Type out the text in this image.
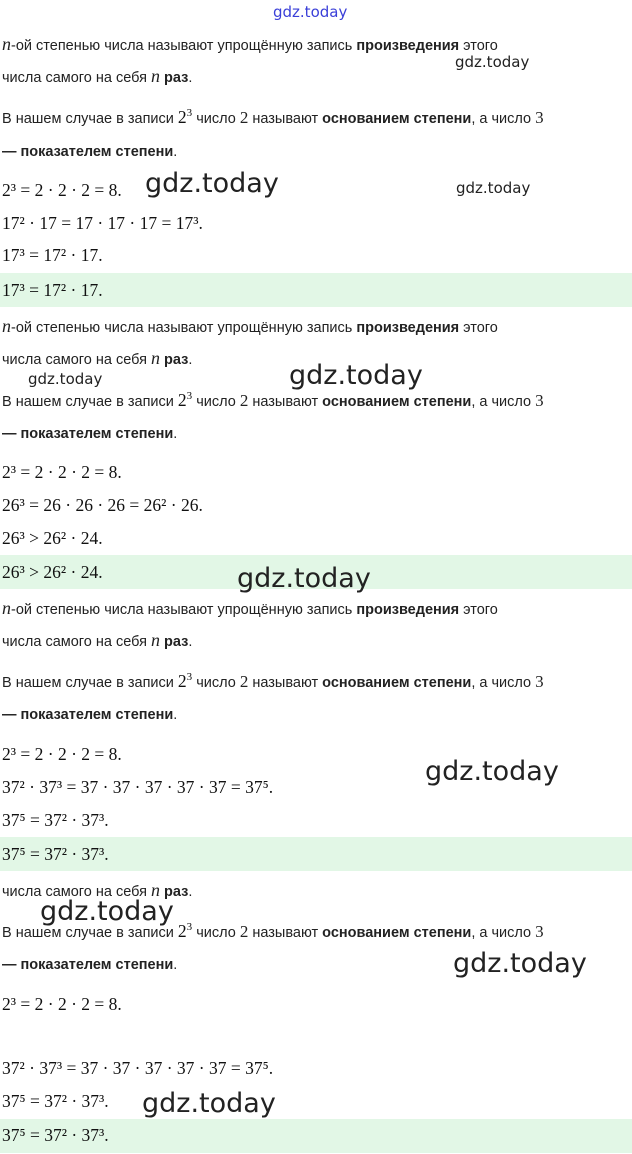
gdz.today
n-ой степенью числа называют упрощённую запись произведения этого
числа самого на себя n раз.
gdz.today
В нашем случае в записи $2^3$ число 2 называют основанием степени, а число 3
— показателем степени.
2³ = 2 · 2 · 2 = 8. gdz.today	gdz.today
17² · 17 = 17 · 17 · 17 = 17³.
17³ = 17² · 17.
17³ = 17² · 17.
n-ой степенью числа называют упрощённую запись произведения этого
числа самого на себя n раз.
gdz.today	gdz.today
В нашем случае в записи $2^3$ число 2 называют основанием степени, а число 3
— показателем степени.
2³ = 2 · 2 · 2 = 8.
26³ = 26 · 26 · 26 = 26² · 26.
26³ > 26² · 24.
26³ > 26² · 24.	gdz.today
n-ой степенью числа называют упрощённую запись произведения этого
числа самого на себя n раз.
В нашем случае в записи $2^3$ число 2 называют основанием степени, а число 3
— показателем степени.
2³ = 2 · 2 · 2 = 8.
37² · 37³ = 37 · 37 · 37 · 37 · 37 = 37⁵.	gdz.today
37⁵ = 37² · 37³.
37⁵ = 37² · 37³.
числа самого на себя n раз.
gdz.today
В нашем случае в записи $2^3$ число 2 называют основанием степени, а число 3
— показателем степени.	gdz.today
2³ = 2 · 2 · 2 = 8.
37² · 37³ = 37 · 37 · 37 · 37 · 37 = 37⁵.
37⁵ = 37² · 37³. gdz.today
37⁵ = 37² · 37³.
